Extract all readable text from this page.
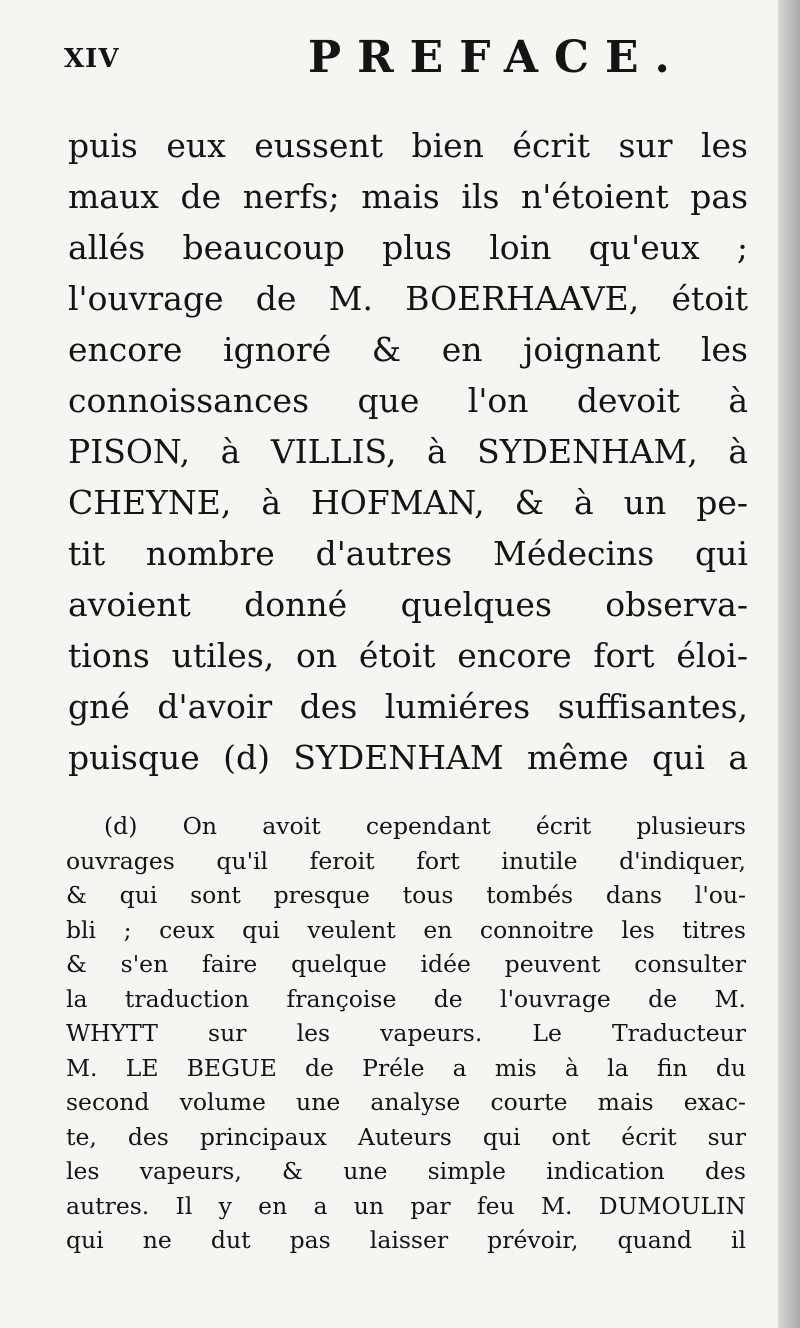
XIV	PREFACE.
puis eux eussent bien écrit sur les
maux de nerfs; mais ils n'étoient pas
allés beaucoup plus loin qu'eux ;
l'ouvrage de M. BOERHAAVE, étoit
encore ignoré & en joignant les
connoissances que l'on devoit à
PISON, à VILLIS, à SYDENHAM, à
CHEYNE, à HOFMAN, & à un pe-
tit nombre d'autres Médecins qui
avoient donné quelques observa-
tions utiles, on étoit encore fort éloi-
gné d'avoir des lumiéres suffisantes,
puisque (d) SYDENHAM même qui a
(d) On avoit cependant écrit plusieurs
ouvrages qu'il feroit fort inutile d'indiquer,
& qui sont presque tous tombés dans l'ou-
bli ; ceux qui veulent en connoitre les titres
& s'en faire quelque idée peuvent consulter
la traduction françoise de l'ouvrage de M.
WHYTT sur les vapeurs. Le Traducteur
M. LE BEGUE de Préle a mis à la fin du
second volume une analyse courte mais exac-
te, des principaux Auteurs qui ont écrit sur
les vapeurs, & une simple indication des
autres. Il y en a un par feu M. DUMOULIN
qui ne dut pas laisser prévoir, quand il
